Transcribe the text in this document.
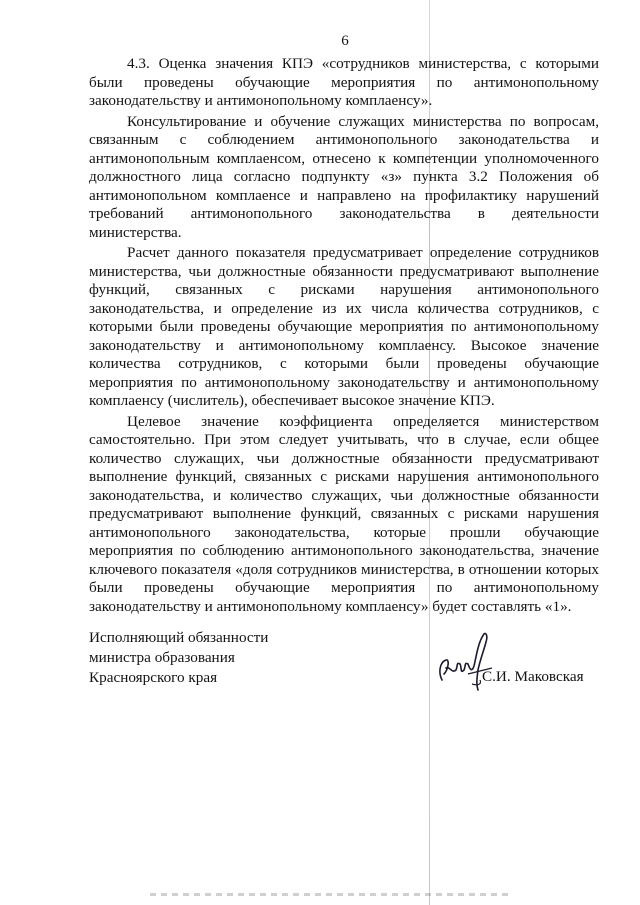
6

4.3. Оценка значения КПЭ «сотрудников министерства, с которыми были проведены обучающие мероприятия по антимонопольному законодательству и антимонопольному комплаенсу».

Консультирование и обучение служащих министерства по вопросам, связанным с соблюдением антимонопольного законодательства и антимонопольным комплаенсом, отнесено к компетенции уполномоченного должностного лица согласно подпункту «з» пункта 3.2 Положения об антимонопольном комплаенсе и направлено на профилактику нарушений требований антимонопольного законодательства в деятельности министерства.

Расчет данного показателя предусматривает определение сотрудников министерства, чьи должностные обязанности предусматривают выполнение функций, связанных с рисками нарушения антимонопольного законодательства, и определение из их числа количества сотрудников, с которыми были проведены обучающие мероприятия по антимонопольному законодательству и антимонопольному комплаенсу. Высокое значение количества сотрудников, с которыми были проведены обучающие мероприятия по антимонопольному законодательству и антимонопольному комплаенсу (числитель), обеспечивает высокое значение КПЭ.

Целевое значение коэффициента определяется министерством самостоятельно. При этом следует учитывать, что в случае, если общее количество служащих, чьи должностные обязанности предусматривают выполнение функций, связанных с рисками нарушения антимонопольного законодательства, и количество служащих, чьи должностные обязанности предусматривают выполнение функций, связанных с рисками нарушения антимонопольного законодательства, которые прошли обучающие мероприятия по соблюдению антимонопольного законодательства, значение ключевого показателя «доля сотрудников министерства, в отношении которых были проведены обучающие мероприятия по антимонопольному законодательству и антимонопольному комплаенсу» будет составлять «1».

Исполняющий обязанности
министра образования
Красноярского края	С.И. Маковская
